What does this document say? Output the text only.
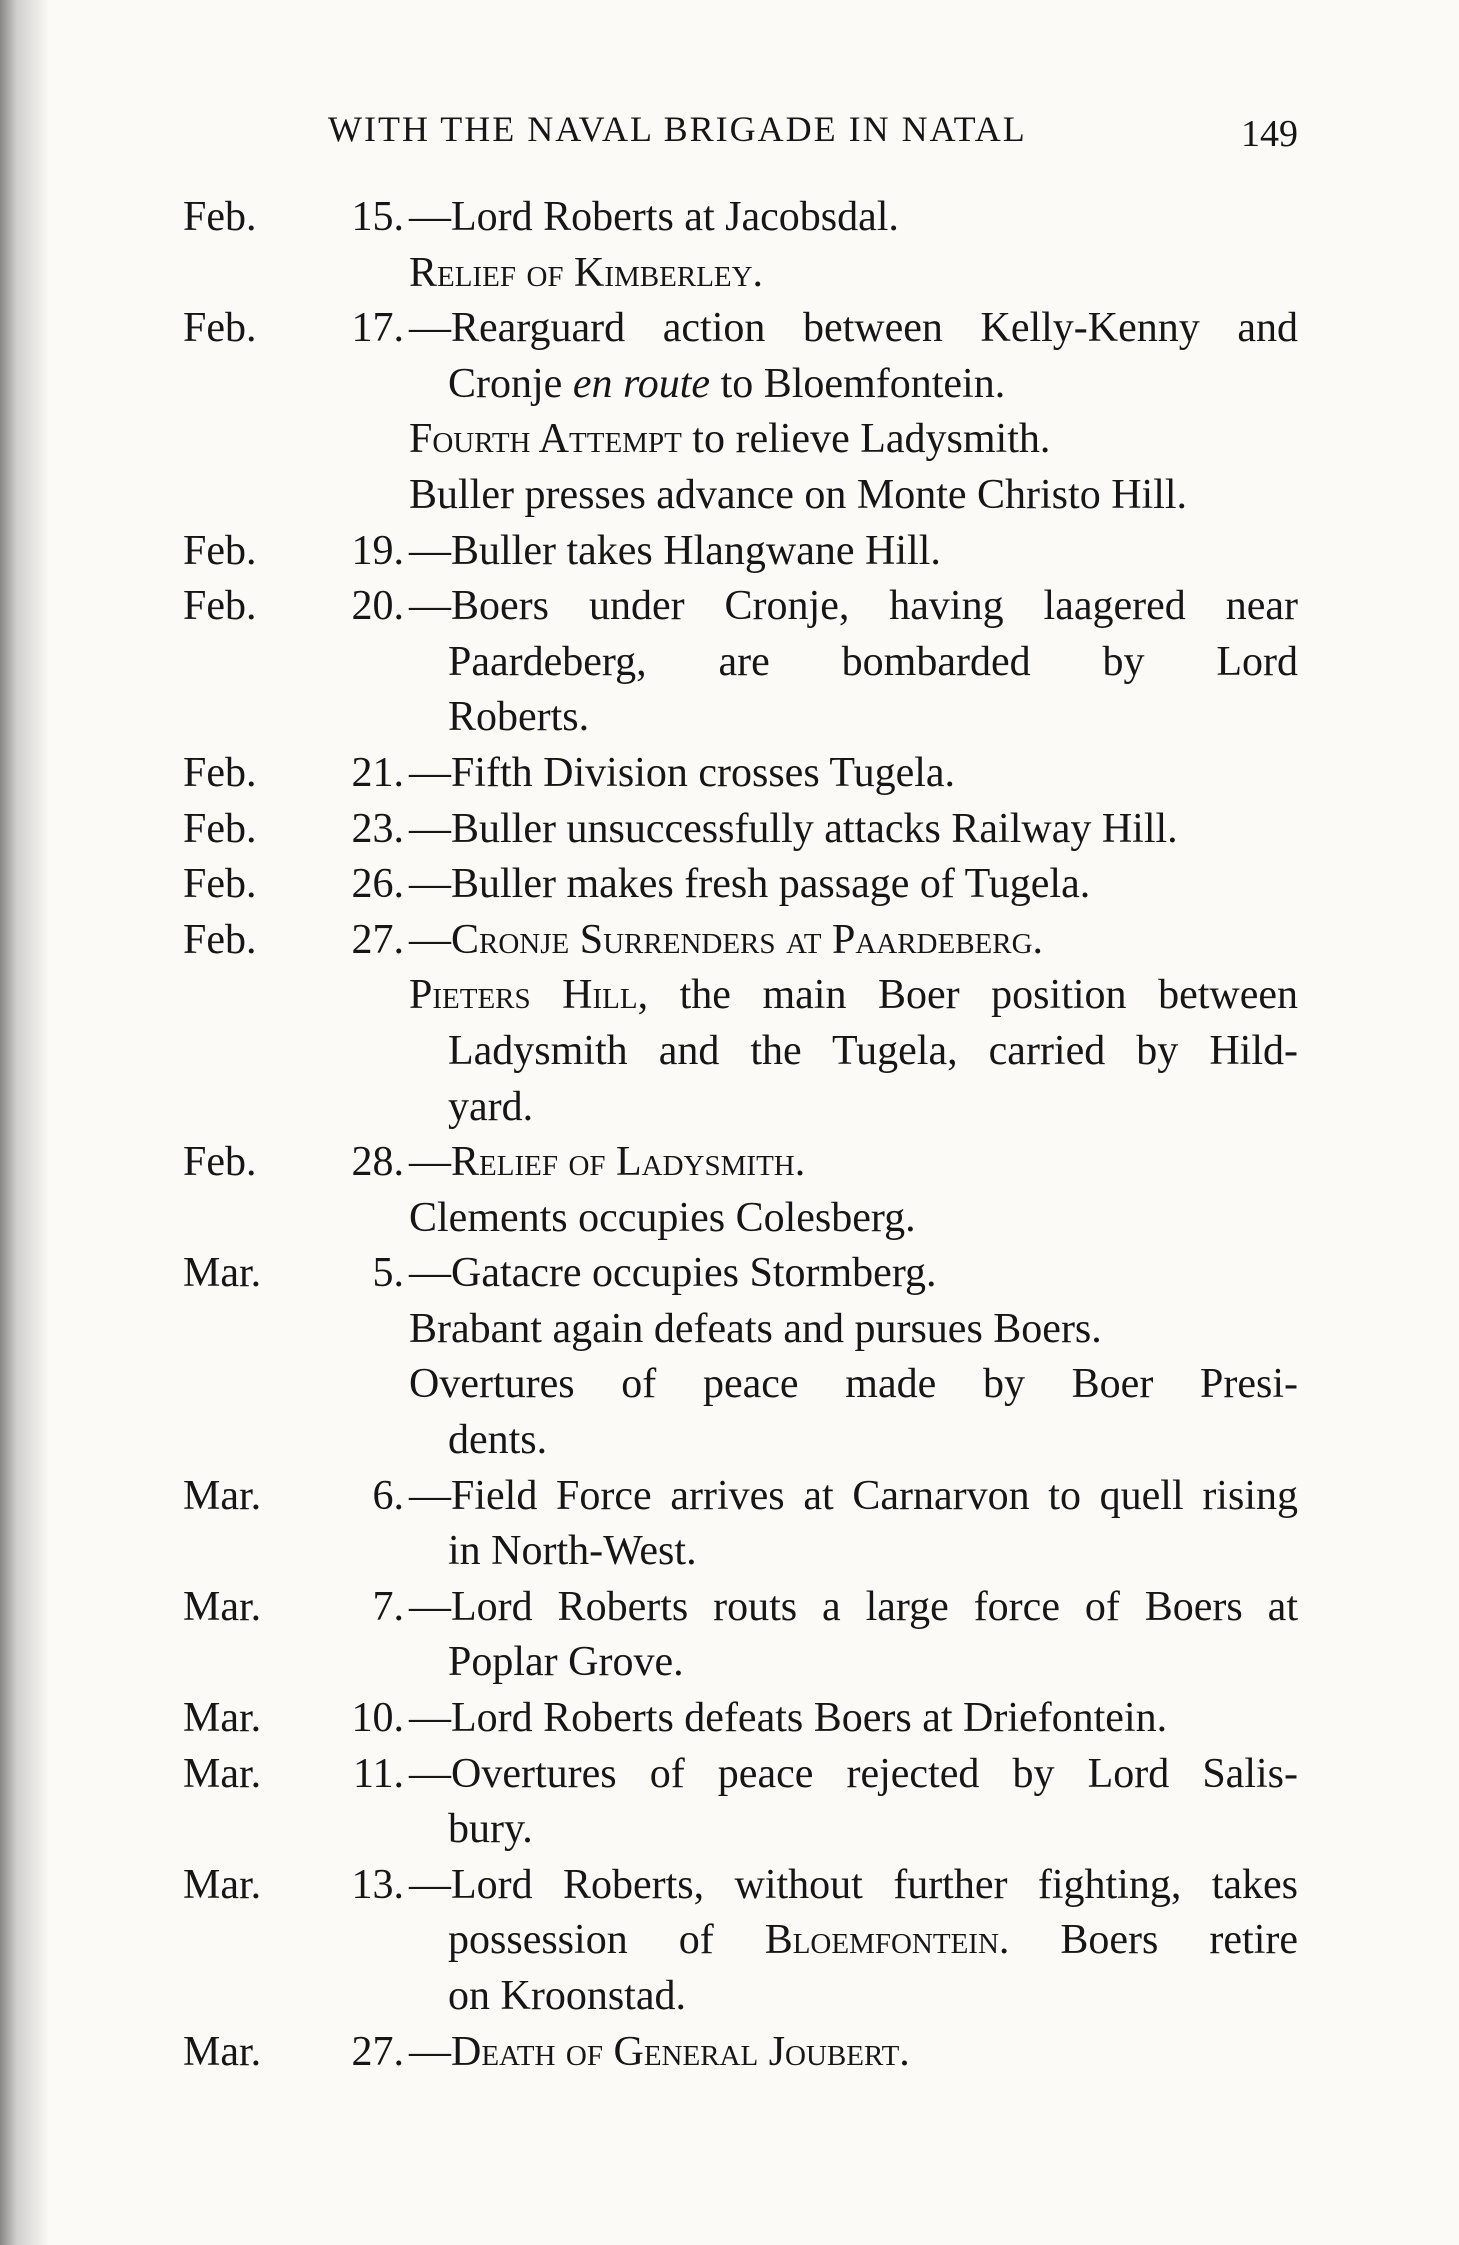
WITH THE NAVAL BRIGADE IN NATAL	149
Feb.	15. —Lord Roberts at Jacobsdal.
Relief of Kimberley.
Feb.	17. —Rearguard action between Kelly-Kenny and
Cronje en route to Bloemfontein.
Fourth Attempt to relieve Ladysmith.
Buller presses advance on Monte Christo Hill.
Feb.	19. —Buller takes Hlangwane Hill.
Feb.	20. —Boers under Cronje, having laagered near
Paardeberg, are bombarded by Lord
Roberts.
Feb.	21. —Fifth Division crosses Tugela.
Feb.	23. —Buller unsuccessfully attacks Railway Hill.
Feb.	26. —Buller makes fresh passage of Tugela.
Feb.	27. —Cronje Surrenders at Paardeberg.
Pieters Hill, the main Boer position between
Ladysmith and the Tugela, carried by Hild-
yard.
Feb.	28. —Relief of Ladysmith.
Clements occupies Colesberg.
Mar.	5. —Gatacre occupies Stormberg.
Brabant again defeats and pursues Boers.
Overtures of peace made by Boer Presi-
dents.
Mar.	6. —Field Force arrives at Carnarvon to quell rising
in North-West.
Mar.	7. —Lord Roberts routs a large force of Boers at
Poplar Grove.
Mar.	10. —Lord Roberts defeats Boers at Driefontein.
Mar.	11. —Overtures of peace rejected by Lord Salis-
bury.
Mar.	13. —Lord Roberts, without further fighting, takes
possession of Bloemfontein. Boers retire
on Kroonstad.
Mar.	27. —Death of General Joubert.
